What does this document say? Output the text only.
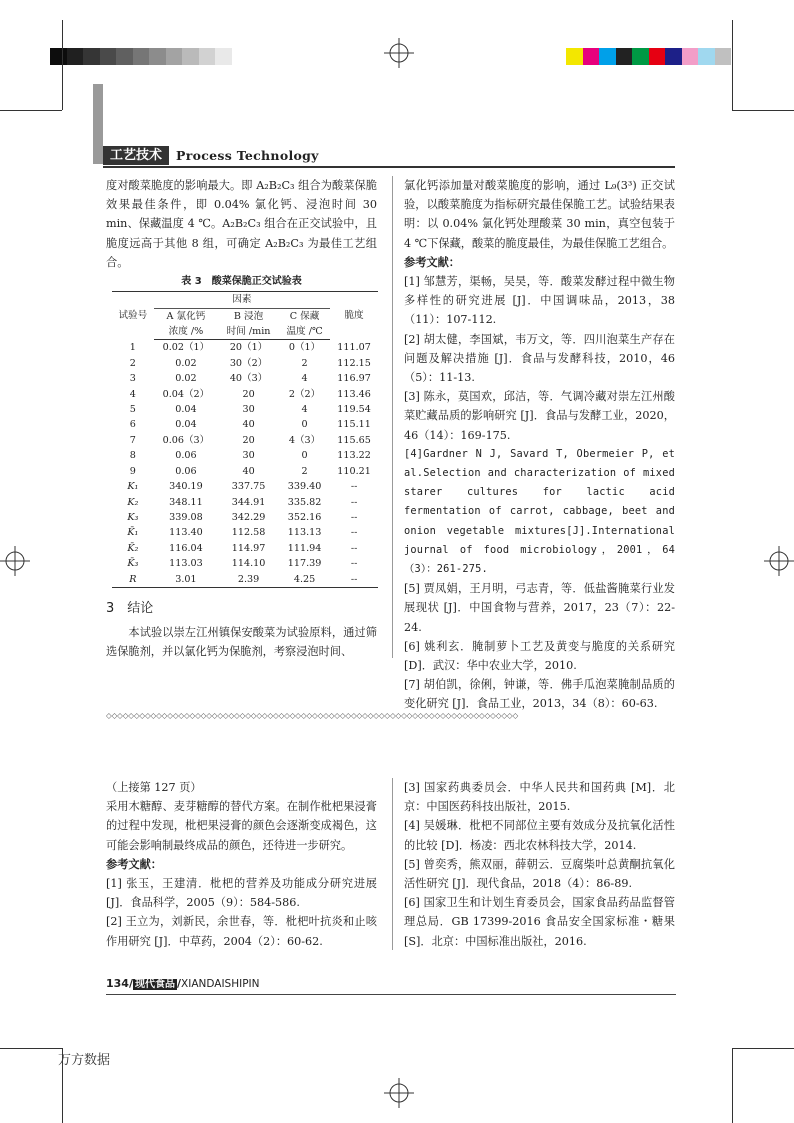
工艺技术	Process Technology

度对酸菜脆度的影响最大。即 A₂B₂C₃ 组合为酸菜保脆效果最佳条件，即 0.04% 氯化钙、浸泡时间 30 min、保藏温度 4 ℃。A₂B₂C₃ 组合在正交试验中，且脆度远高于其他 8 组，可确定 A₂B₂C₃ 为最佳工艺组合。

表 3　酸菜保脆正交试验表

试验号	因素			脆度
	A 氯化钙	B 浸泡	C 保藏	
	浓度 /%	时间 /min	温度 /℃	
1	0.02（1）	20（1）	0（1）	111.07
2	0.02	30（2）	2	112.15
3	0.02	40（3）	4	116.97
4	0.04（2）	20	2（2）	113.46
5	0.04	30	4	119.54
6	0.04	40	0	115.11
7	0.06（3）	20	4（3）	115.65
8	0.06	30	0	113.22
9	0.06	40	2	110.21
K₁	340.19	337.75	339.40	--
K₂	348.11	344.91	335.82	--
K₃	339.08	342.29	352.16	--
K̄₁	113.40	112.58	113.13	--
K̄₂	116.04	114.97	111.94	--
K̄₃	113.03	114.10	117.39	--
R	3.01	2.39	4.25	--

3　结论

本试验以崇左江州镇保安酸菜为试验原料，通过筛选保脆剂，并以氯化钙为保脆剂，考察浸泡时间、

氯化钙添加量对酸菜脆度的影响，通过 L₉(3³) 正交试验，以酸菜脆度为指标研究最佳保脆工艺。试验结果表明：以 0.04% 氯化钙处理酸菜 30 min，真空包装于 4 ℃下保藏，酸菜的脆度最佳，为最佳保脆工艺组合。

参考文献：

[1] 邹慧芳，渠畅，吴昊，等．酸菜发酵过程中微生物多样性的研究进展 [J]．中国调味品，2013，38（11）：107-112.

[2] 胡太健，李国斌，韦万文，等．四川泡菜生产存在问题及解决措施 [J]．食品与发酵科技，2010，46（5）：11-13.

[3] 陈永，莫国欢，邱洁，等．气调冷藏对崇左江州酸菜贮藏品质的影响研究 [J]．食品与发酵工业，2020，46（14）：169-175.

[4]Gardner N J, Savard T, Obermeier P, et al.Selection and characterization of mixed starer cultures for lactic acid fermentation of carrot, cabbage, beet and onion vegetable mixtures[J].International journal of food microbiology，2001，64（3）：261-275.

[5] 贾凤娟，王月明，弓志青，等．低盐酱腌菜行业发展现状 [J]．中国食物与营养，2017，23（7）：22-24.

[6] 姚利玄．腌制萝卜工艺及黄变与脆度的关系研究 [D]．武汉：华中农业大学，2010.

[7] 胡伯凯，徐俐，钟谦，等．佛手瓜泡菜腌制品质的变化研究 [J]．食品工业，2013，34（8）：60-63.

◇◇◇◇◇◇◇◇◇◇◇◇◇◇◇◇◇◇◇◇◇◇◇◇◇◇◇◇◇◇◇◇◇◇◇◇◇◇◇◇◇◇◇◇◇◇◇◇◇◇◇◇◇◇◇◇◇◇◇◇◇◇◇◇◇◇◇◇◇◇◇◇◇◇

（上接第 127 页）

采用木糖醇、麦芽糖醇的替代方案。在制作枇杷果浸膏的过程中发现，枇杷果浸膏的颜色会逐渐变成褐色，这可能会影响制最终成品的颜色，还待进一步研究。

参考文献：

[1] 张玉，王建清．枇杷的营养及功能成分研究进展 [J]．食品科学，2005（9）：584-586.

[2] 王立为，刘新民，余世春，等．枇杷叶抗炎和止咳作用研究 [J]．中草药，2004（2）：60-62.

[3] 国家药典委员会．中华人民共和国药典 [M]．北京：中国医药科技出版社，2015.

[4] 吴媛琳．枇杷不同部位主要有效成分及抗氧化活性的比较 [D]．杨凌：西北农林科技大学，2014.

[5] 曾奕秀，熊双丽，薛朝云．豆腐柴叶总黄酮抗氧化活性研究 [J]．现代食品，2018（4）：86-89.

[6] 国家卫生和计划生育委员会，国家食品药品监督管理总局．GB 17399-2016 食品安全国家标准・糖果 [S]．北京：中国标准出版社，2016.

134/ 现代食品 /XIANDAISHIPIN
万方数据
